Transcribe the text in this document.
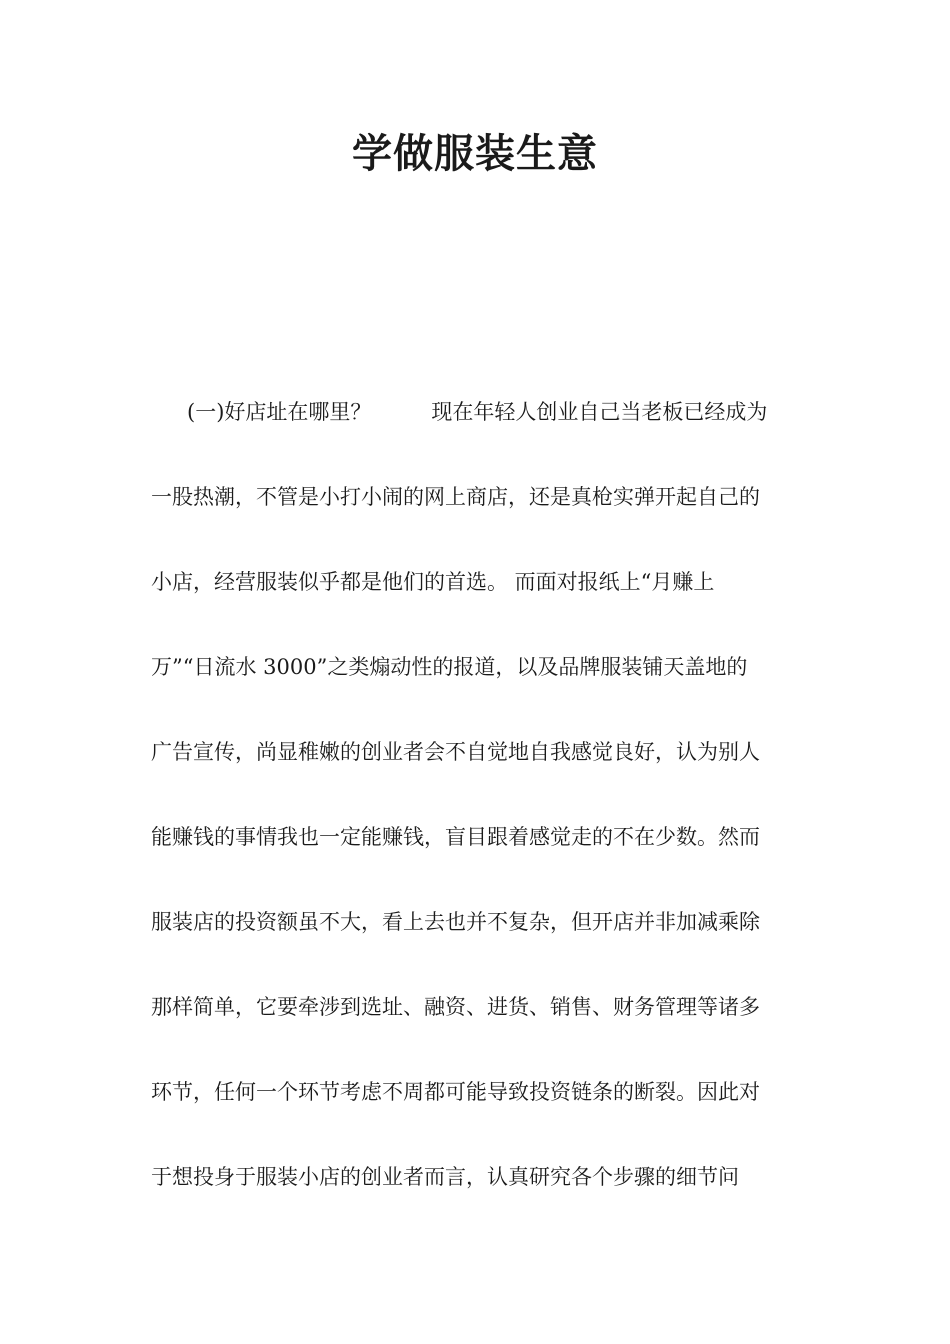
学做服装生意
(一)好店址在哪里？	现在年轻人创业自己当老板已经成为
一股热潮，不管是小打小闹的网上商店，还是真枪实弹开起自己的
小店，经营服装似乎都是他们的首选。 而面对报纸上“月赚上
万”“日流水 3000”之类煽动性的报道，以及品牌服装铺天盖地的
广告宣传，尚显稚嫩的创业者会不自觉地自我感觉良好，认为别人
能赚钱的事情我也一定能赚钱，盲目跟着感觉走的不在少数。然而
服装店的投资额虽不大，看上去也并不复杂，但开店并非加减乘除
那样简单，它要牵涉到选址、融资、进货、销售、财务管理等诸多
环节，任何一个环节考虑不周都可能导致投资链条的断裂。因此对
于想投身于服装小店的创业者而言，认真研究各个步骤的细节问
